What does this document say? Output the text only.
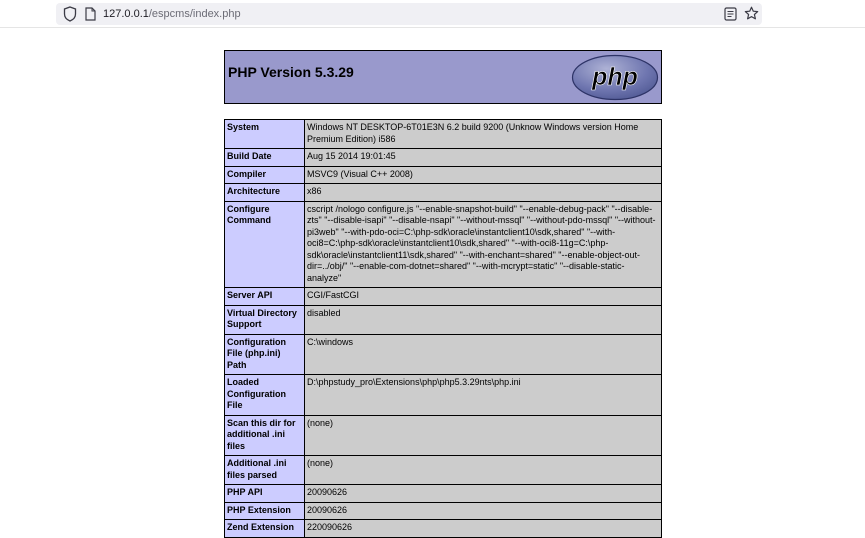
127.0.0.1/espcms/index.php
PHP Version 5.3.29	php
System	Windows NT DESKTOP-6T01E3N 6.2 build 9200 (Unknow Windows version Home Premium Edition) i586
Build Date	Aug 15 2014 19:01:45
Compiler	MSVC9 (Visual C++ 2008)
Architecture	x86
Configure Command	cscript /nologo configure.js "--enable-snapshot-build" "--enable-debug-pack" "--disable-zts" "--disable-isapi" "--disable-nsapi" "--without-mssql" "--without-pdo-mssql" "--without-pi3web" "--with-pdo-oci=C:\php-sdk\oracle\instantclient10\sdk,shared" "--with-oci8=C:\php-sdk\oracle\instantclient10\sdk,shared" "--with-oci8-11g=C:\php-sdk\oracle\instantclient11\sdk,shared" "--with-enchant=shared" "--enable-object-out-dir=../obj/" "--enable-com-dotnet=shared" "--with-mcrypt=static" "--disable-static-analyze"
Server API	CGI/FastCGI
Virtual Directory Support	disabled
Configuration File (php.ini) Path	C:\windows
Loaded Configuration File	D:\phpstudy_pro\Extensions\php\php5.3.29nts\php.ini
Scan this dir for additional .ini files	(none)
Additional .ini files parsed	(none)
PHP API	20090626
PHP Extension	20090626
Zend Extension	220090626
